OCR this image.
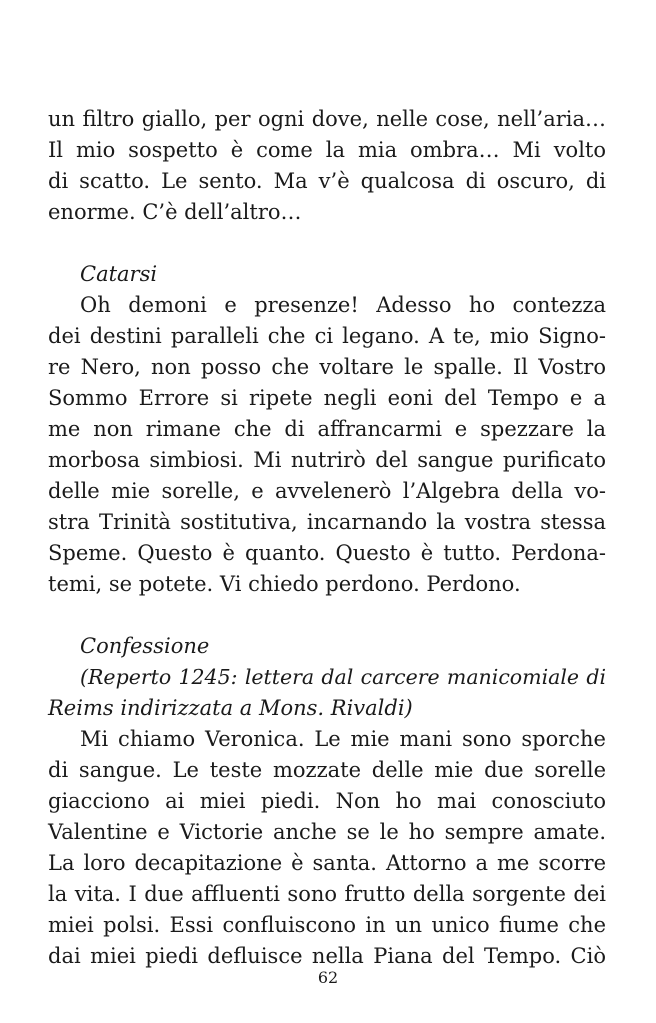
un filtro giallo, per ogni dove, nelle cose, nell’aria…
Il mio sospetto è come la mia ombra… Mi volto
di scatto. Le sento. Ma v’è qualcosa di oscuro, di
enorme. C’è dell’altro…
Catarsi
Oh demoni e presenze! Adesso ho contezza
dei destini paralleli che ci legano. A te, mio Signo-
re Nero, non posso che voltare le spalle. Il Vostro
Sommo Errore si ripete negli eoni del Tempo e a
me non rimane che di affrancarmi e spezzare la
morbosa simbiosi. Mi nutrirò del sangue purificato
delle mie sorelle, e avvelenerò l’Algebra della vo-
stra Trinità sostitutiva, incarnando la vostra stessa
Speme. Questo è quanto. Questo è tutto. Perdona-
temi, se potete. Vi chiedo perdono. Perdono.
Confessione
(Reperto 1245: lettera dal carcere manicomiale di
Reims indirizzata a Mons. Rivaldi)
Mi chiamo Veronica. Le mie mani sono sporche
di sangue. Le teste mozzate delle mie due sorelle
giacciono ai miei piedi. Non ho mai conosciuto
Valentine e Victorie anche se le ho sempre amate.
La loro decapitazione è santa. Attorno a me scorre
la vita. I due affluenti sono frutto della sorgente dei
miei polsi. Essi confluiscono in un unico fiume che
dai miei piedi defluisce nella Piana del Tempo. Ciò
62
